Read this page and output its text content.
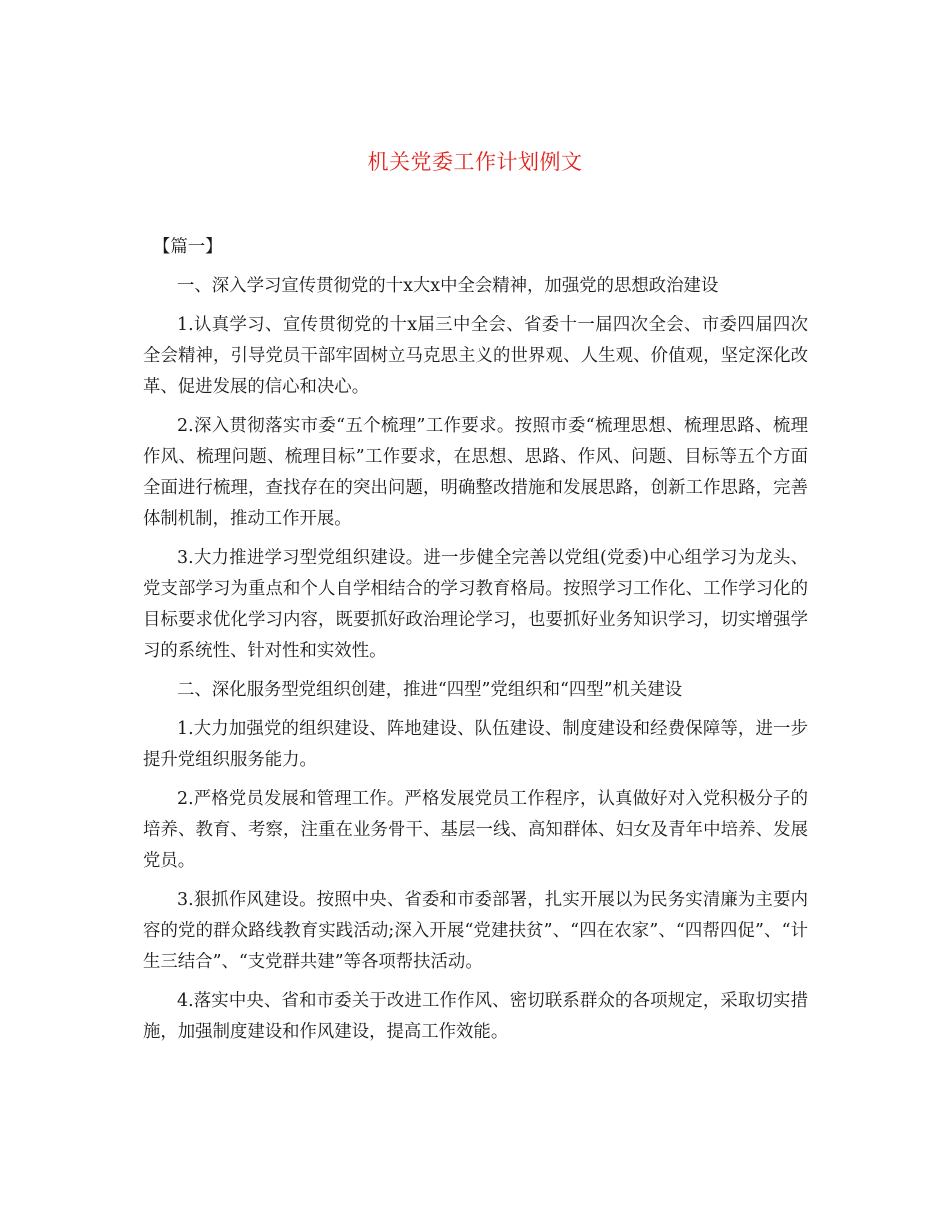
机关党委工作计划例文
【篇一】

一、深入学习宣传贯彻党的十x大x中全会精神，加强党的思想政治建设

1.认真学习、宣传贯彻党的十x届三中全会、省委十一届四次全会、市委四届四次全会精神，引导党员干部牢固树立马克思主义的世界观、人生观、价值观，坚定深化改革、促进发展的信心和决心。

2.深入贯彻落实市委“五个梳理”工作要求。按照市委“梳理思想、梳理思路、梳理作风、梳理问题、梳理目标”工作要求，在思想、思路、作风、问题、目标等五个方面全面进行梳理，查找存在的突出问题，明确整改措施和发展思路，创新工作思路，完善体制机制，推动工作开展。

3.大力推进学习型党组织建设。进一步健全完善以党组(党委)中心组学习为龙头、党支部学习为重点和个人自学相结合的学习教育格局。按照学习工作化、工作学习化的目标要求优化学习内容，既要抓好政治理论学习，也要抓好业务知识学习，切实增强学习的系统性、针对性和实效性。

二、深化服务型党组织创建，推进“四型”党组织和“四型”机关建设

1.大力加强党的组织建设、阵地建设、队伍建设、制度建设和经费保障等，进一步提升党组织服务能力。

2.严格党员发展和管理工作。严格发展党员工作程序，认真做好对入党积极分子的培养、教育、考察，注重在业务骨干、基层一线、高知群体、妇女及青年中培养、发展党员。

3.狠抓作风建设。按照中央、省委和市委部署，扎实开展以为民务实清廉为主要内容的党的群众路线教育实践活动;深入开展“党建扶贫”、“四在农家”、“四帮四促”、“计生三结合”、“支党群共建”等各项帮扶活动。

4.落实中央、省和市委关于改进工作作风、密切联系群众的各项规定，采取切实措施，加强制度建设和作风建设，提高工作效能。
